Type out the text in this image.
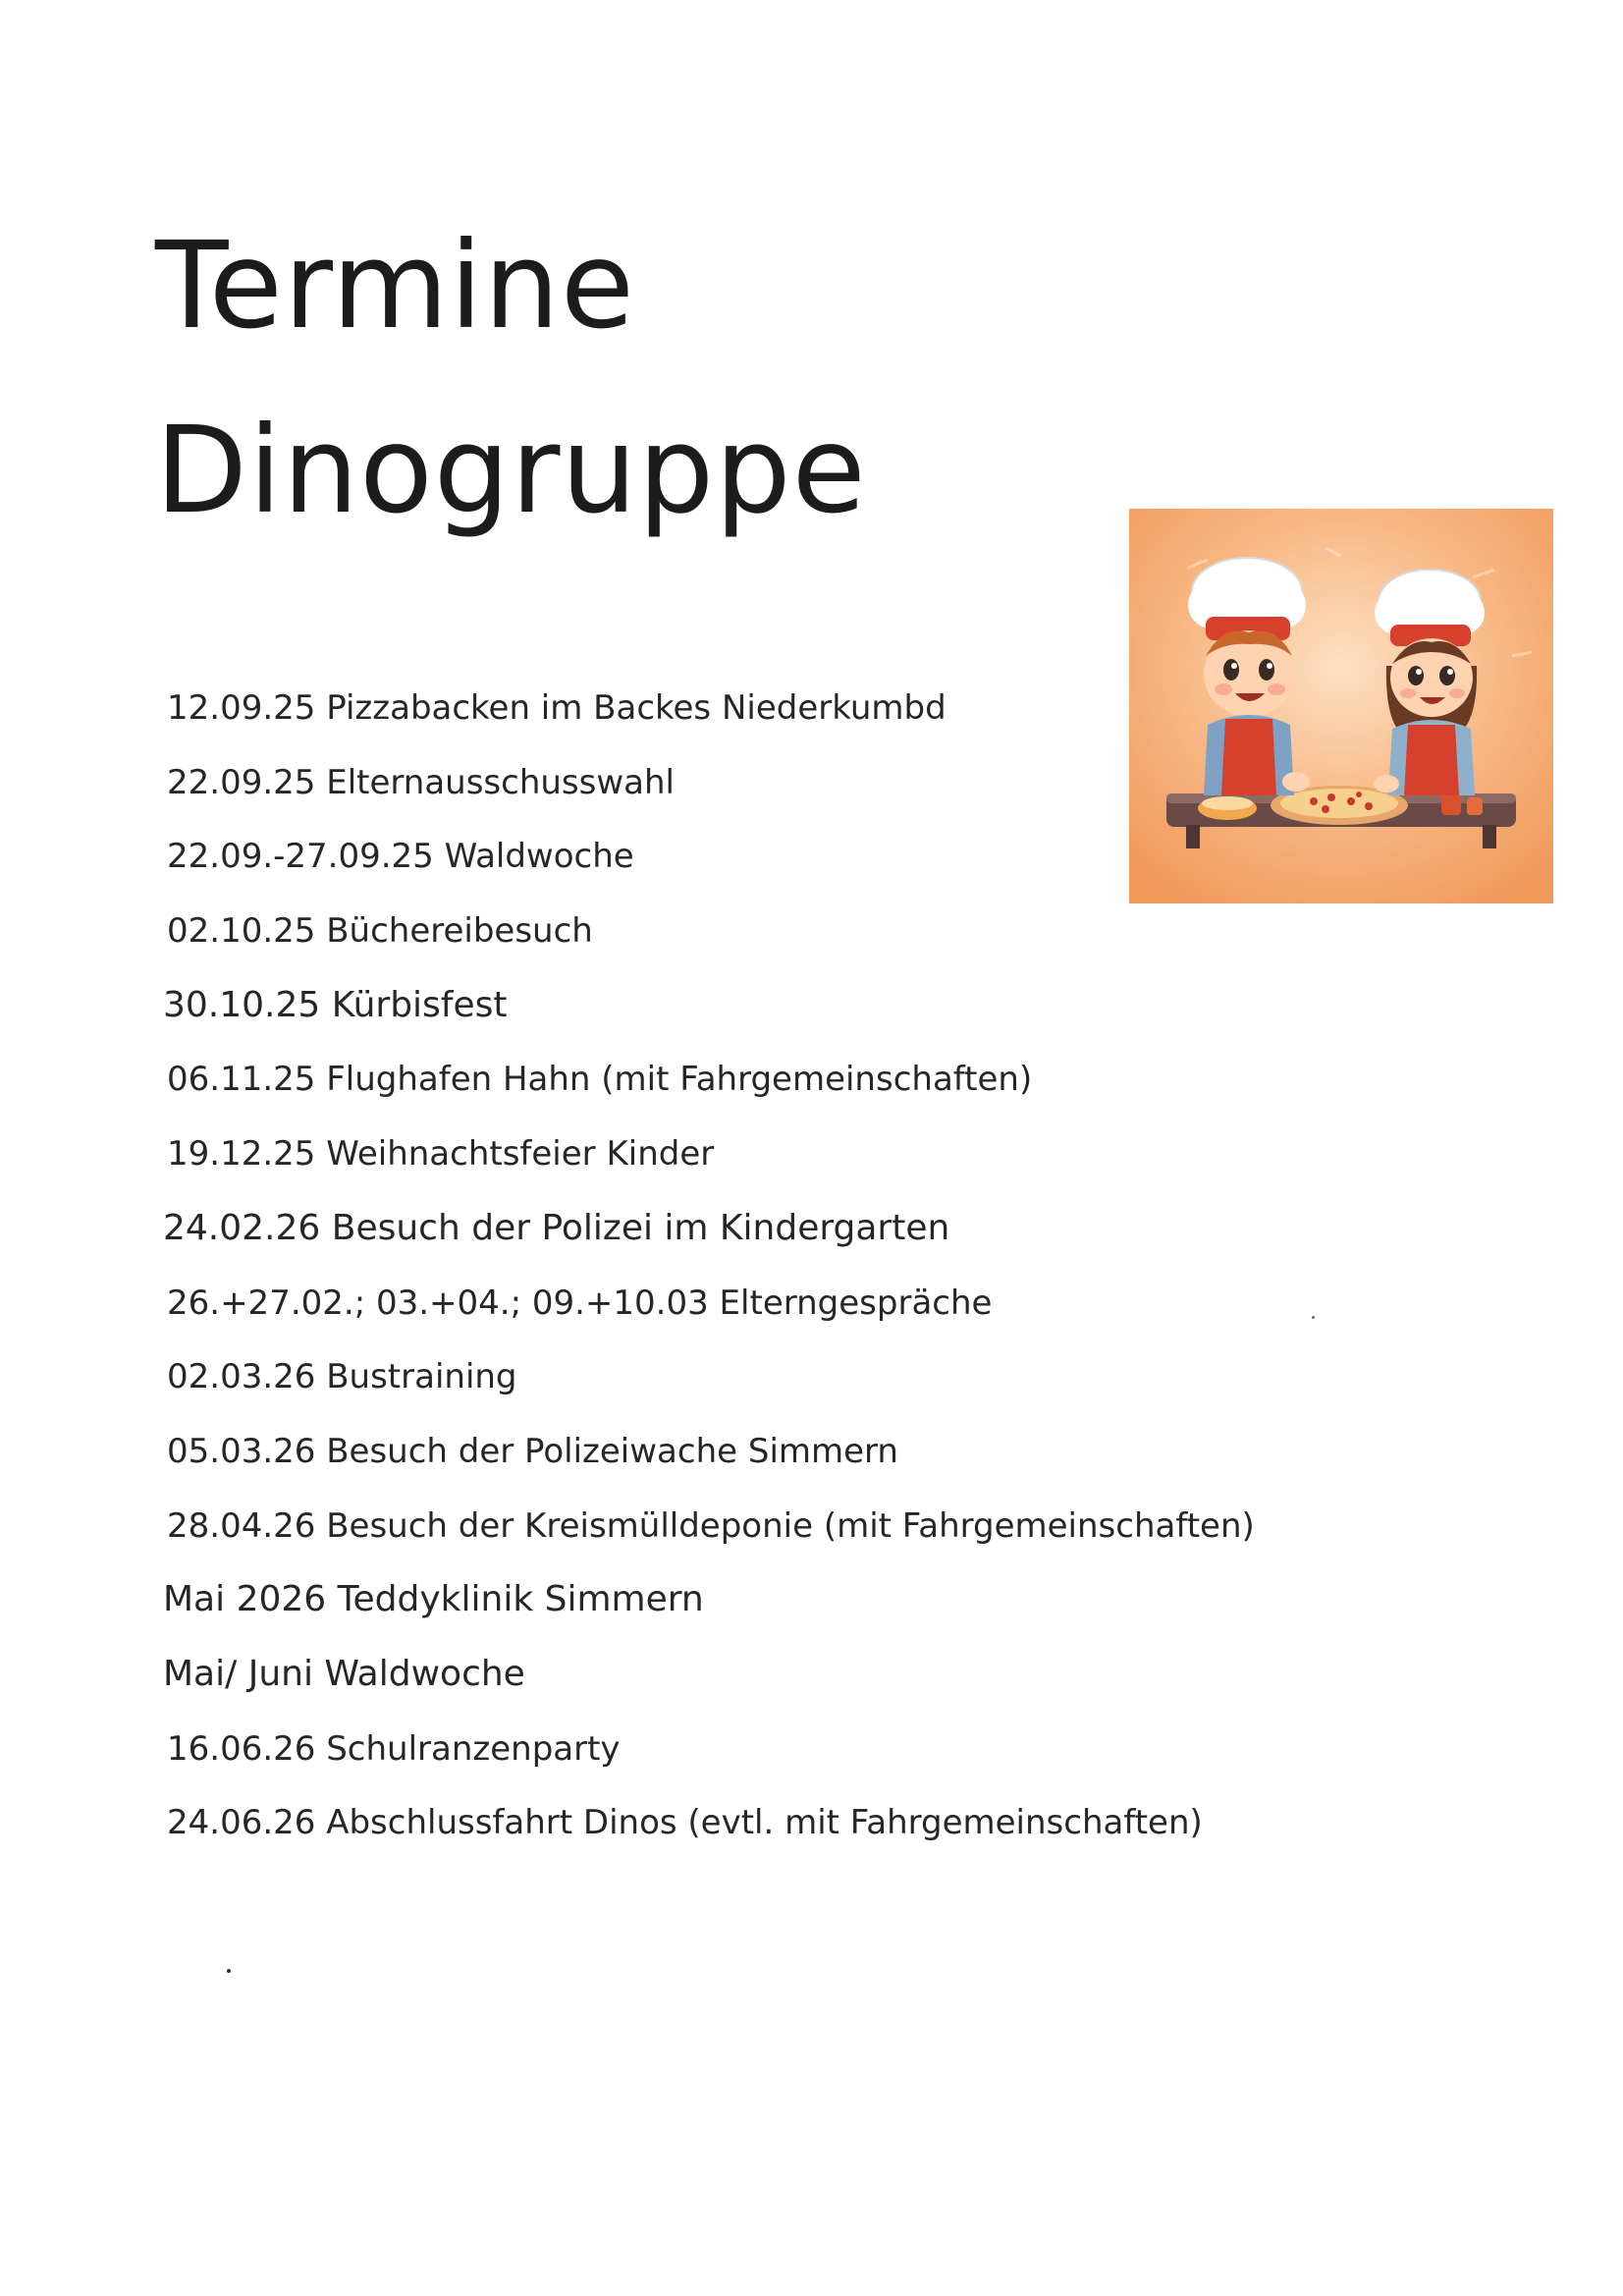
Termine
Dinogruppe
12.09.25 Pizzabacken im Backes Niederkumbd
22.09.25 Elternausschusswahl
22.09.-27.09.25 Waldwoche
02.10.25 Büchereibesuch
30.10.25 Kürbisfest
06.11.25 Flughafen Hahn (mit Fahrgemeinschaften)
19.12.25 Weihnachtsfeier Kinder
24.02.26 Besuch der Polizei im Kindergarten
26.+27.02.; 03.+04.; 09.+10.03 Elterngespräche
02.03.26 Bustraining
05.03.26 Besuch der Polizeiwache Simmern
28.04.26 Besuch der Kreismülldeponie (mit Fahrgemeinschaften)
Mai 2026 Teddyklinik Simmern
Mai/ Juni Waldwoche
16.06.26 Schulranzenparty
24.06.26 Abschlussfahrt Dinos (evtl. mit Fahrgemeinschaften)
